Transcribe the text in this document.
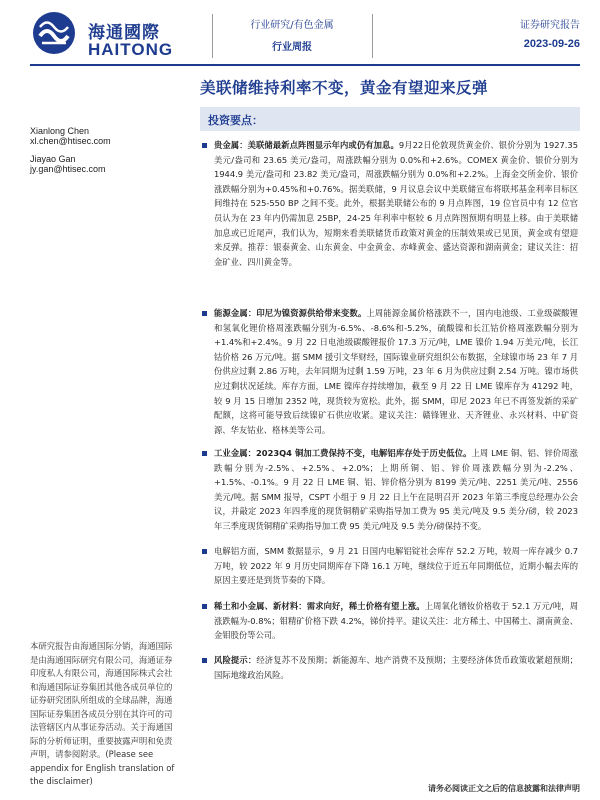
海通國際
HAITONG
行业研究/有色金属
行业周报
证券研究报告
2023-09-26
美联储维持利率不变，黄金有望迎来反弹
Xianlong Chen
xl.chen@htisec.com
Jiayao Gan
jy.gan@htisec.com
投资要点：
贵金属：美联储最新点阵图显示年内或仍有加息。9月22日伦敦现货黄金价、银价分别为 1927.35 美元/盎司和 23.65 美元/盎司，周涨跌幅分别为 0.0%和+2.6%。COMEX 黄金价、银价分别为 1944.9 美元/盎司和 23.82 美元/盎司，周涨跌幅分别为 0.0%和+2.2%。上海金交所金价、银价涨跌幅分别为+0.45%和+0.76%。据美联储，9 月议息会议中美联储宣布将联邦基金利率目标区间维持在 525-550 BP 之间不变。此外，根据美联储公布的 9 月点阵图，19 位官员中有 12 位官员认为在 23 年内仍需加息 25BP，24-25 年利率中枢较 6 月点阵图预期有明显上移。由于美联储加息或已近尾声，我们认为，短期来看美联储货币政策对黄金的压制效果或已见顶，黄金或有望迎来反弹。推荐：银泰黄金、山东黄金、中金黄金、赤峰黄金、盛达资源和湖南黄金；建议关注：招金矿业、四川黄金等。
能源金属：印尼为镍资源供给带来变数。上周能源金属价格涨跌不一，国内电池级、工业级碳酸锂和氢氧化锂价格周涨跌幅分别为-6.5%、-8.6%和-5.2%，硫酸镍和长江钴价格周涨跌幅分别为+1.4%和+2.4%。9 月 22 日电池级碳酸锂报价 17.3 万元/吨，LME 镍价 1.94 万美元/吨，长江钴价格 26 万元/吨。据 SMM 援引文华财经，国际镍业研究组织公布数据，全球镍市场 23 年 7 月份供应过剩 2.86 万吨，去年同期为过剩 1.59 万吨，23 年 6 月为供应过剩 2.54 万吨。镍市场供应过剩状况延续。库存方面，LME 镍库存持续增加，截至 9 月 22 日 LME 镍库存为 41292 吨，较 9 月 15 日增加 2352 吨，现货较为宽松。此外，据 SMM，印尼 2023 年已不再签发新的采矿配额，这将可能导致后续镍矿石供应收紧。建议关注：赣锋锂业、天齐锂业、永兴材料、中矿资源、华友钴业、格林美等公司。
工业金属：2023Q4 铜加工费保持不变，电解铝库存处于历史低位。上周 LME 铜、铝、锌价周涨跌幅分别为-2.5%、+2.5%、+2.0%；上期所铜、铝、锌价周涨跌幅分别为-2.2%、+1.5%、-0.1%。9 月 22 日 LME 铜、铝、锌价格分别为 8199 美元/吨、2251 美元/吨、2556 美元/吨。据 SMM 报导，CSPT 小组于 9 月 22 日上午在昆明召开 2023 年第三季度总经理办公会议，并敲定 2023 年四季度的现货铜精矿采购指导加工费为 95 美元/吨及 9.5 美分/磅，较 2023 年三季度现货铜精矿采购指导加工费 95 美元/吨及 9.5 美分/磅保持不变。
电解铝方面，SMM 数据显示，9 月 21 日国内电解铝锭社会库存 52.2 万吨，较周一库存减少 0.7 万吨，较 2022 年 9 月历史同期库存下降 16.1 万吨，继续位于近五年同期低位，近期小幅去库的原因主要还是到货节奏的下降。
稀土和小金属、新材料：需求向好，稀土价格有望上涨。上周氧化镨钕价格收于 52.1 万元/吨，周涨跌幅为-0.8%；钼精矿价格下跌 4.2%，锑价持平。建议关注：北方稀土、中国稀土、湖南黄金、金钼股份等公司。
风险提示：经济复苏不及预期；新能源车、地产消费不及预期；主要经济体货币政策收紧超预期；国际地缘政治风险。
本研究报告由海通国际分销，海通国际是由海通国际研究有限公司，海通证券印度私人有限公司，海通国际株式会社和海通国际证券集团其他各成员单位的证券研究团队所组成的全球品牌，海通国际证券集团各成员分别在其许可的司法管辖区内从事证券活动。关于海通国际的分析师证明，重要披露声明和免责声明，请参阅附录。(Please see appendix for English translation of the disclaimer)
请务必阅读正文之后的信息披露和法律声明
